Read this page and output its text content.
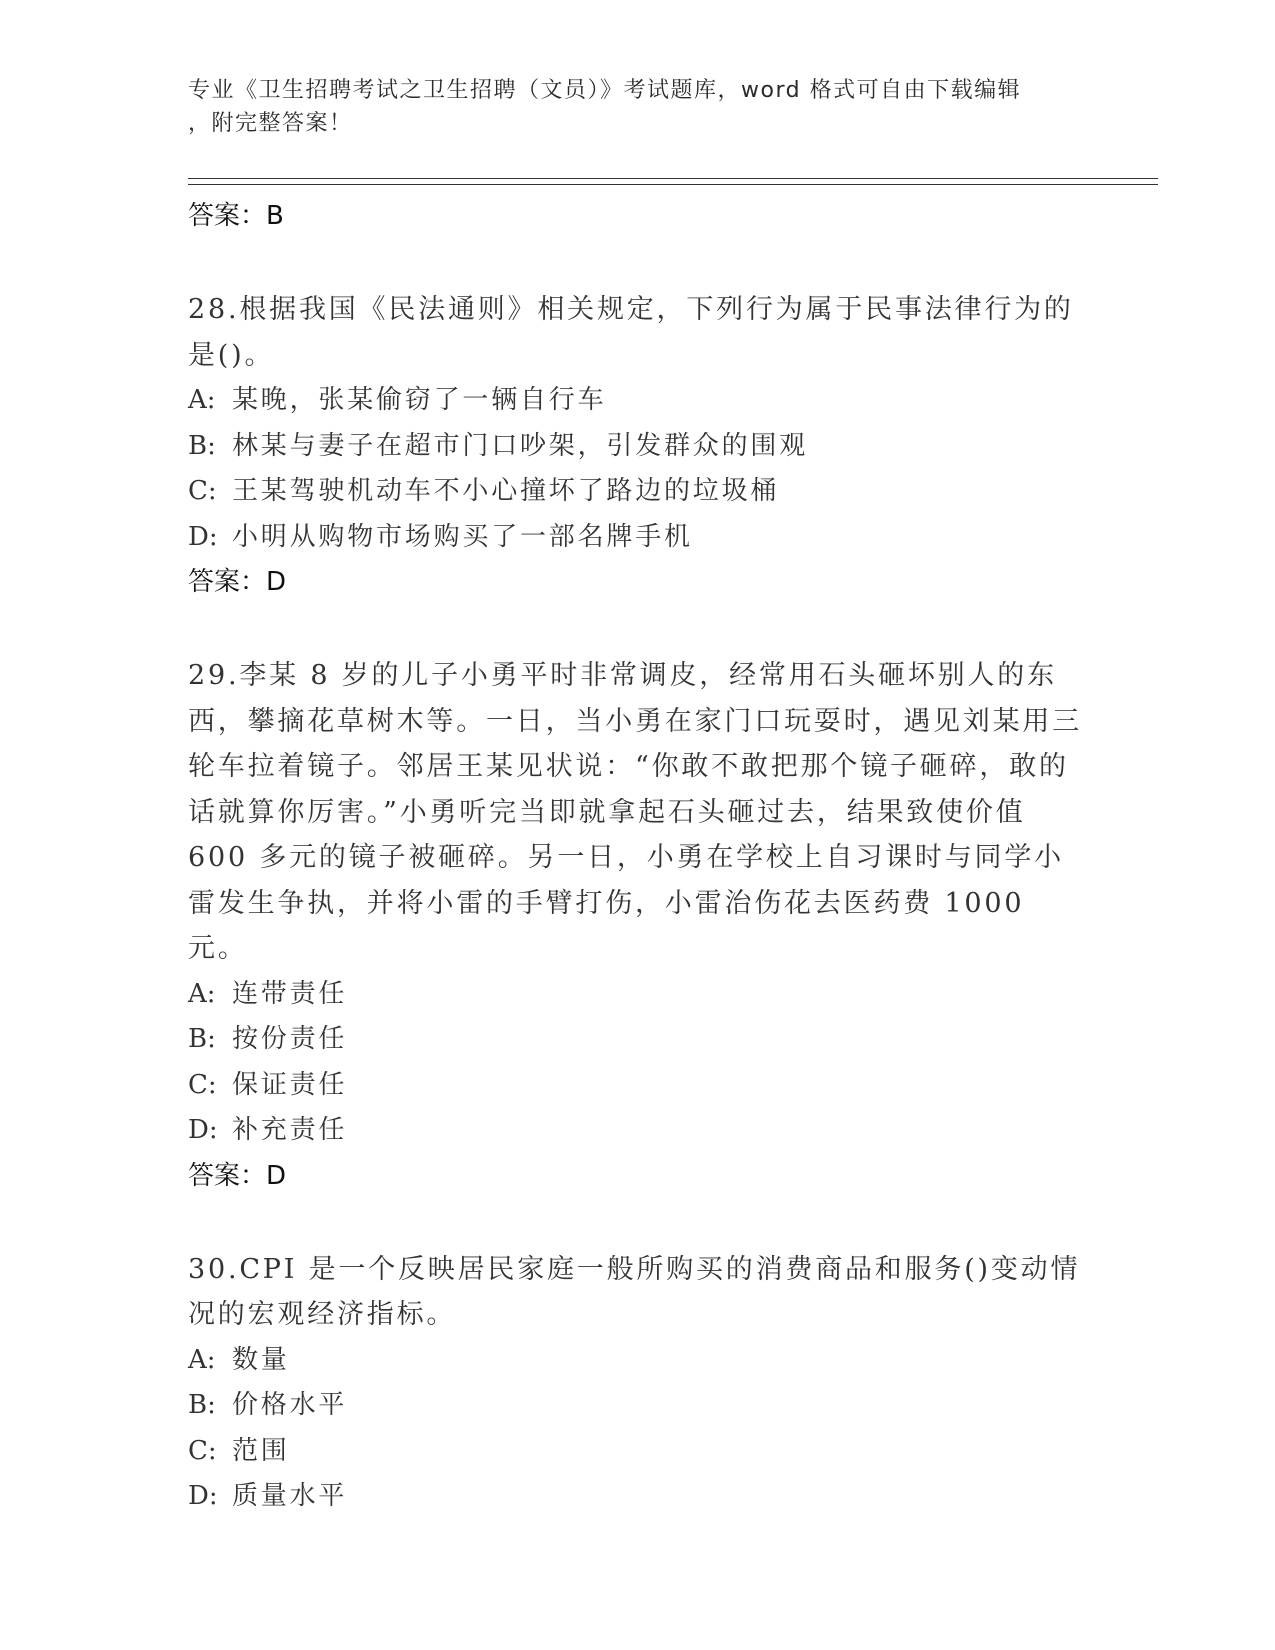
专业《卫生招聘考试之卫生招聘（文员）》考试题库，word 格式可自由下载编辑
，附完整答案！
答案：B

28.根据我国《民法通则》相关规定，下列行为属于民事法律行为的是()。

A: 某晚，张某偷窃了一辆自行车
B: 林某与妻子在超市门口吵架，引发群众的围观
C: 王某驾驶机动车不小心撞坏了路边的垃圾桶
D: 小明从购物市场购买了一部名牌手机
答案：D

29.李某 8 岁的儿子小勇平时非常调皮，经常用石头砸坏别人的东西，攀摘花草树木等。一日，当小勇在家门口玩耍时，遇见刘某用三轮车拉着镜子。邻居王某见状说：“你敢不敢把那个镜子砸碎，敢的话就算你厉害。”小勇听完当即就拿起石头砸过去，结果致使价值 600 多元的镜子被砸碎。另一日，小勇在学校上自习课时与同学小雷发生争执，并将小雷的手臂打伤，小雷治伤花去医药费 1000 元。

A: 连带责任
B: 按份责任
C: 保证责任
D: 补充责任
答案：D

30.CPI 是一个反映居民家庭一般所购买的消费商品和服务()变动情况的宏观经济指标。

A: 数量
B: 价格水平
C: 范围
D: 质量水平
